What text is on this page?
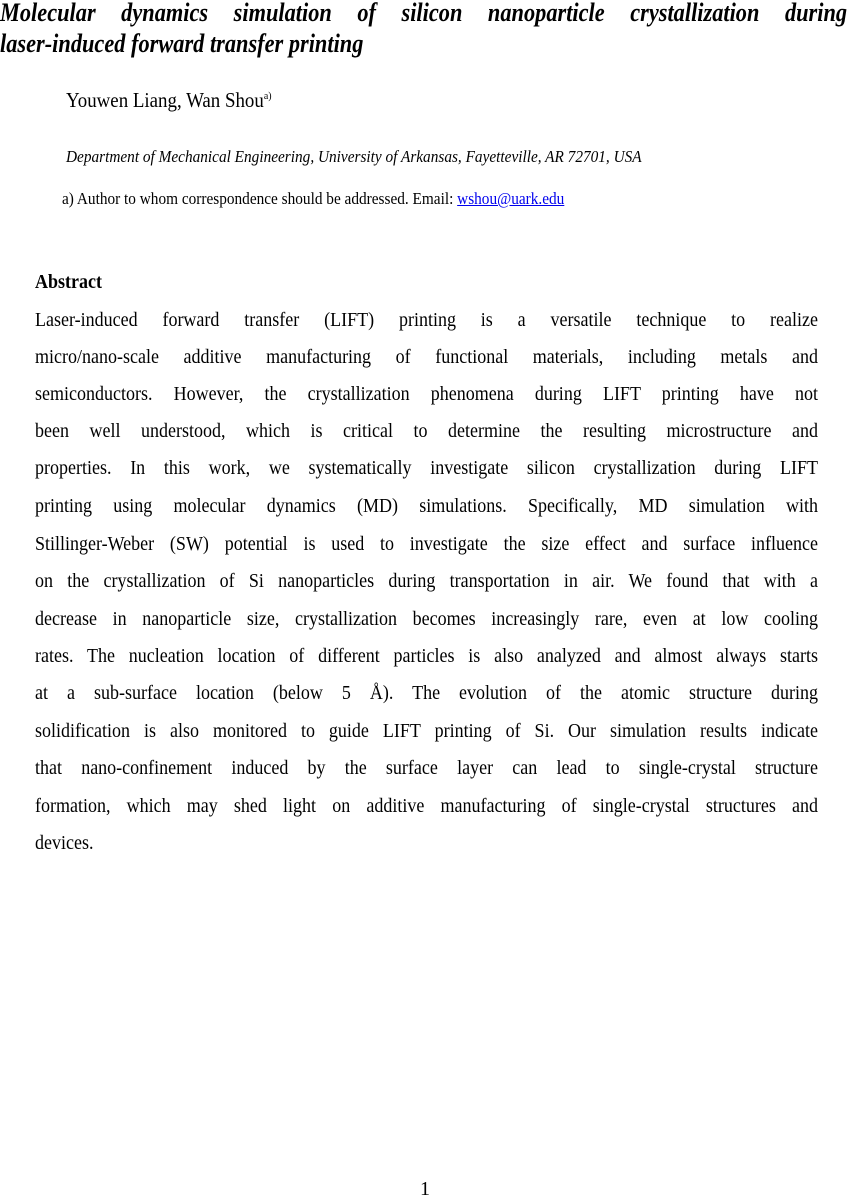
Molecular dynamics simulation of silicon nanoparticle crystallization during
laser-induced forward transfer printing
Youwen Liang, Wan Shou$^{a)}$
Department of Mechanical Engineering, University of Arkansas, Fayetteville, AR 72701, USA
a) Author to whom correspondence should be addressed. Email: wshou@uark.edu
Abstract
Laser-induced forward transfer (LIFT) printing is a versatile technique to realize
micro/nano-scale additive manufacturing of functional materials, including metals and
semiconductors. However, the crystallization phenomena during LIFT printing have not
been well understood, which is critical to determine the resulting microstructure and
properties. In this work, we systematically investigate silicon crystallization during LIFT
printing using molecular dynamics (MD) simulations. Specifically, MD simulation with
Stillinger-Weber (SW) potential is used to investigate the size effect and surface influence
on the crystallization of Si nanoparticles during transportation in air. We found that with a
decrease in nanoparticle size, crystallization becomes increasingly rare, even at low cooling
rates. The nucleation location of different particles is also analyzed and almost always starts
at a sub-surface location (below 5 Å). The evolution of the atomic structure during
solidification is also monitored to guide LIFT printing of Si. Our simulation results indicate
that nano-confinement induced by the surface layer can lead to single-crystal structure
formation, which may shed light on additive manufacturing of single-crystal structures and
devices.
1
